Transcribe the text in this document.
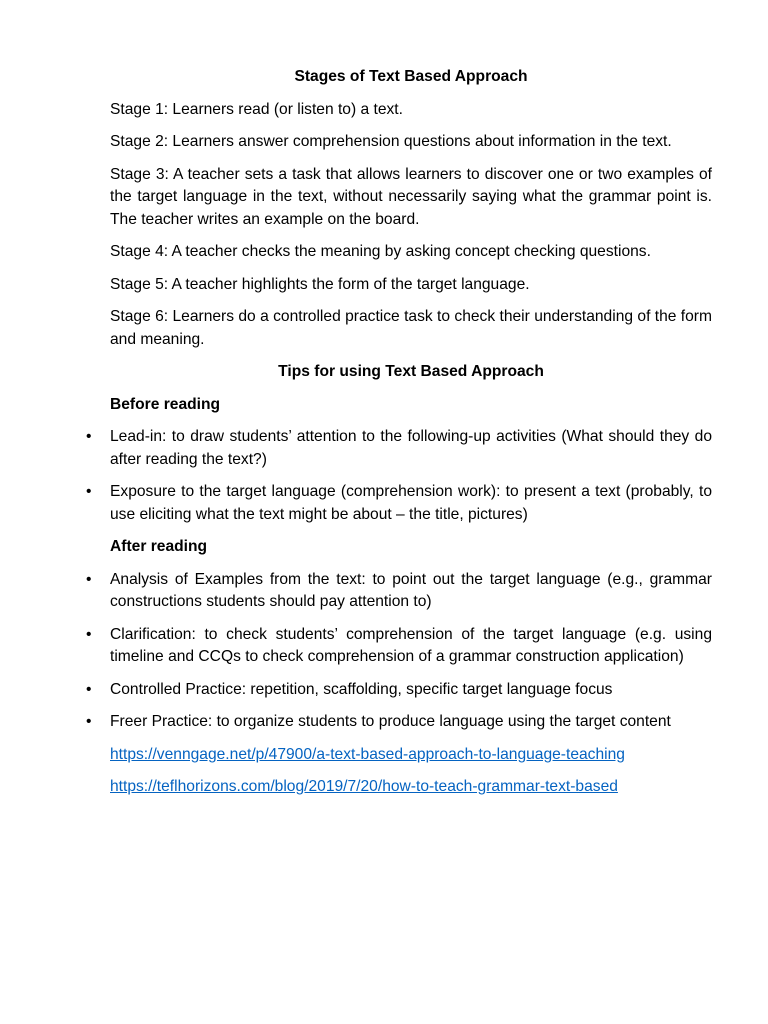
Stages of Text Based Approach
Stage 1: Learners read (or listen to) a text.
Stage 2: Learners answer comprehension questions about information in the text.
Stage 3: A teacher sets a task that allows learners to discover one or two examples of the target language in the text, without necessarily saying what the grammar point is. The teacher writes an example on the board.
Stage 4: A teacher checks the meaning by asking concept checking questions.
Stage 5: A teacher highlights the form of the target language.
Stage 6: Learners do a controlled practice task to check their understanding of the form and meaning.
Tips for using Text Based Approach
Before reading
• Lead-in: to draw students’ attention to the following-up activities (What should they do after reading the text?)
• Exposure to the target language (comprehension work): to present a text (probably, to use eliciting what the text might be about – the title, pictures)
After reading
• Analysis of Examples from the text: to point out the target language (e.g., grammar constructions students should pay attention to)
• Clarification: to check students’ comprehension of the target language (e.g. using timeline and CCQs to check comprehension of a grammar construction application)
• Controlled Practice: repetition, scaffolding, specific target language focus
• Freer Practice: to organize students to produce language using the target content
https://venngage.net/p/47900/a-text-based-approach-to-language-teaching
https://teflhorizons.com/blog/2019/7/20/how-to-teach-grammar-text-based
